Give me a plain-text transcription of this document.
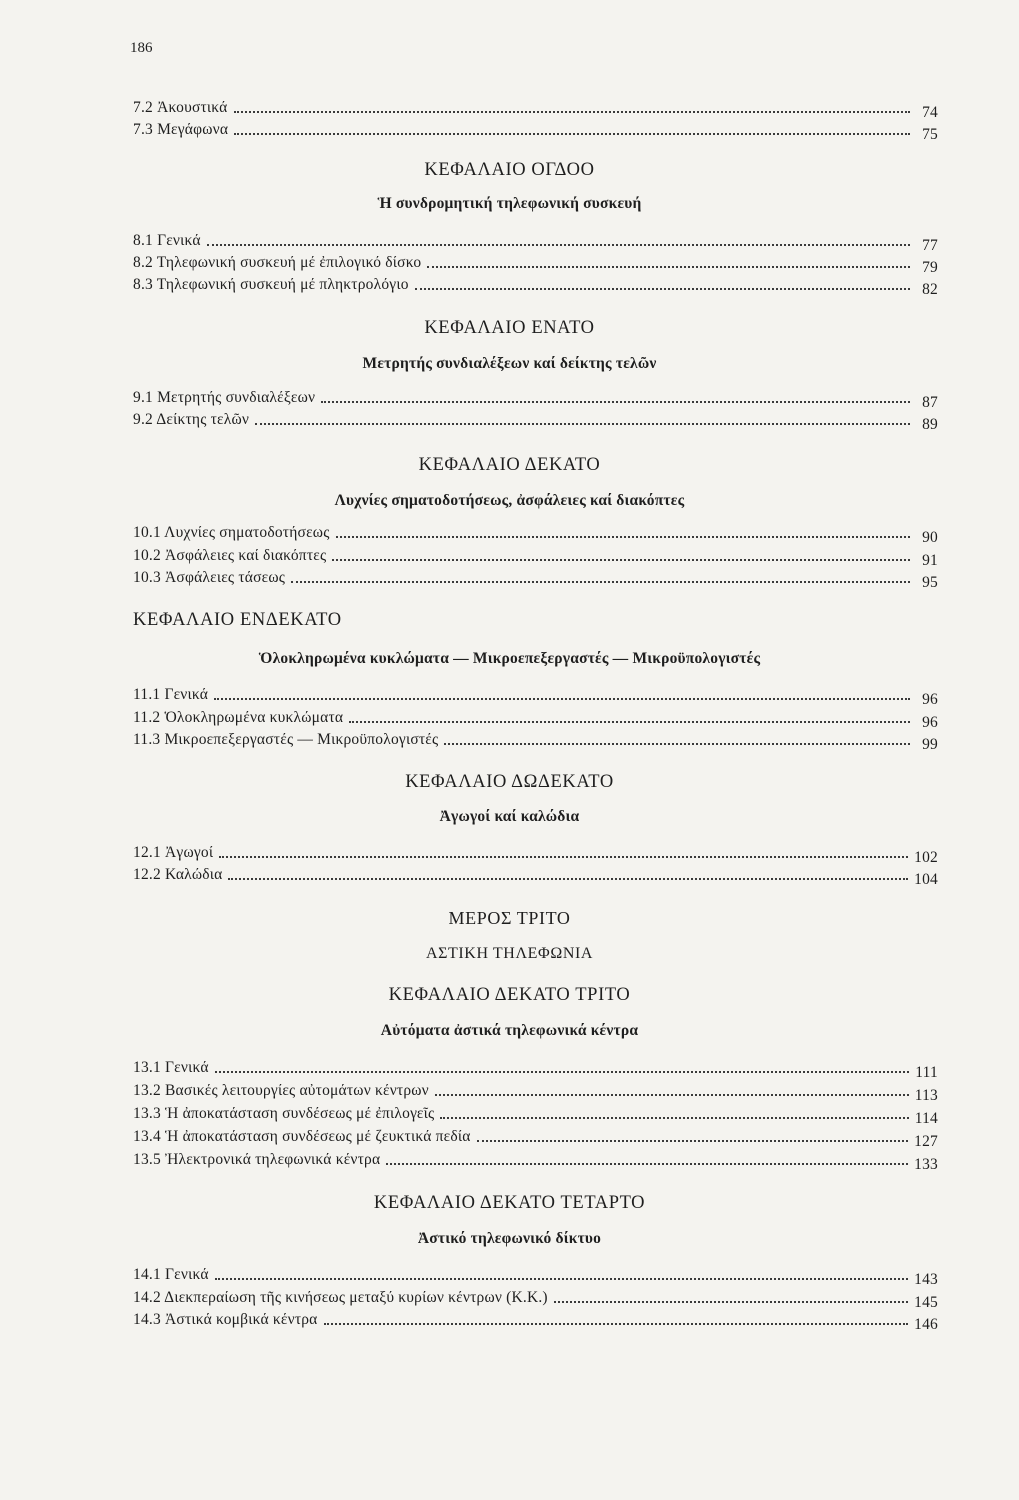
186
7.2 Ἀκουστικά	74
7.3 Μεγάφωνα	75
ΚΕΦΑΛΑΙΟ ΟΓΔΟΟ
Ἡ συνδρομητική τηλεφωνική συσκευή
8.1 Γενικά	77
8.2 Τηλεφωνική συσκευή μέ ἐπιλογικό δίσκο	79
8.3 Τηλεφωνική συσκευή μέ πληκτρολόγιο	82
ΚΕΦΑΛΑΙΟ ΕΝΑΤΟ
Μετρητής συνδιαλέξεων καί δείκτης τελῶν
9.1 Μετρητής συνδιαλέξεων	87
9.2 Δείκτης τελῶν	89
ΚΕΦΑΛΑΙΟ ΔΕΚΑΤΟ
Λυχνίες σηματοδοτήσεως, ἀσφάλειες καί διακόπτες
10.1 Λυχνίες σηματοδοτήσεως	90
10.2 Ἀσφάλειες καί διακόπτες	91
10.3 Ἀσφάλειες τάσεως	95
ΚΕΦΑΛΑΙΟ ΕΝΔΕΚΑΤΟ
Ὁλοκληρωμένα κυκλώματα — Μικροεπεξεργαστές — Μικροϋπολογιστές
11.1 Γενικά	96
11.2 Ὁλοκληρωμένα κυκλώματα	96
11.3 Μικροεπεξεργαστές — Μικροϋπολογιστές	99
ΚΕΦΑΛΑΙΟ ΔΩΔΕΚΑΤΟ
Ἀγωγοί καί καλώδια
12.1 Ἀγωγοί	102
12.2 Καλώδια	104
ΜΕΡΟΣ ΤΡΙΤΟ
ΑΣΤΙΚΗ ΤΗΛΕΦΩΝΙΑ
ΚΕΦΑΛΑΙΟ ΔΕΚΑΤΟ ΤΡΙΤΟ
Αὐτόματα ἀστικά τηλεφωνικά κέντρα
13.1 Γενικά	111
13.2 Βασικές λειτουργίες αὐτομάτων κέντρων	113
13.3 Ἡ ἀποκατάσταση συνδέσεως μέ ἐπιλογεῖς	114
13.4 Ἡ ἀποκατάσταση συνδέσεως μέ ζευκτικά πεδία	127
13.5 Ἠλεκτρονικά τηλεφωνικά κέντρα	133
ΚΕΦΑΛΑΙΟ ΔΕΚΑΤΟ ΤΕΤΑΡΤΟ
Ἀστικό τηλεφωνικό δίκτυο
14.1 Γενικά	143
14.2 Διεκπεραίωση τῆς κινήσεως μεταξύ κυρίων κέντρων (Κ.Κ.)	145
14.3 Ἀστικά κομβικά κέντρα	146
